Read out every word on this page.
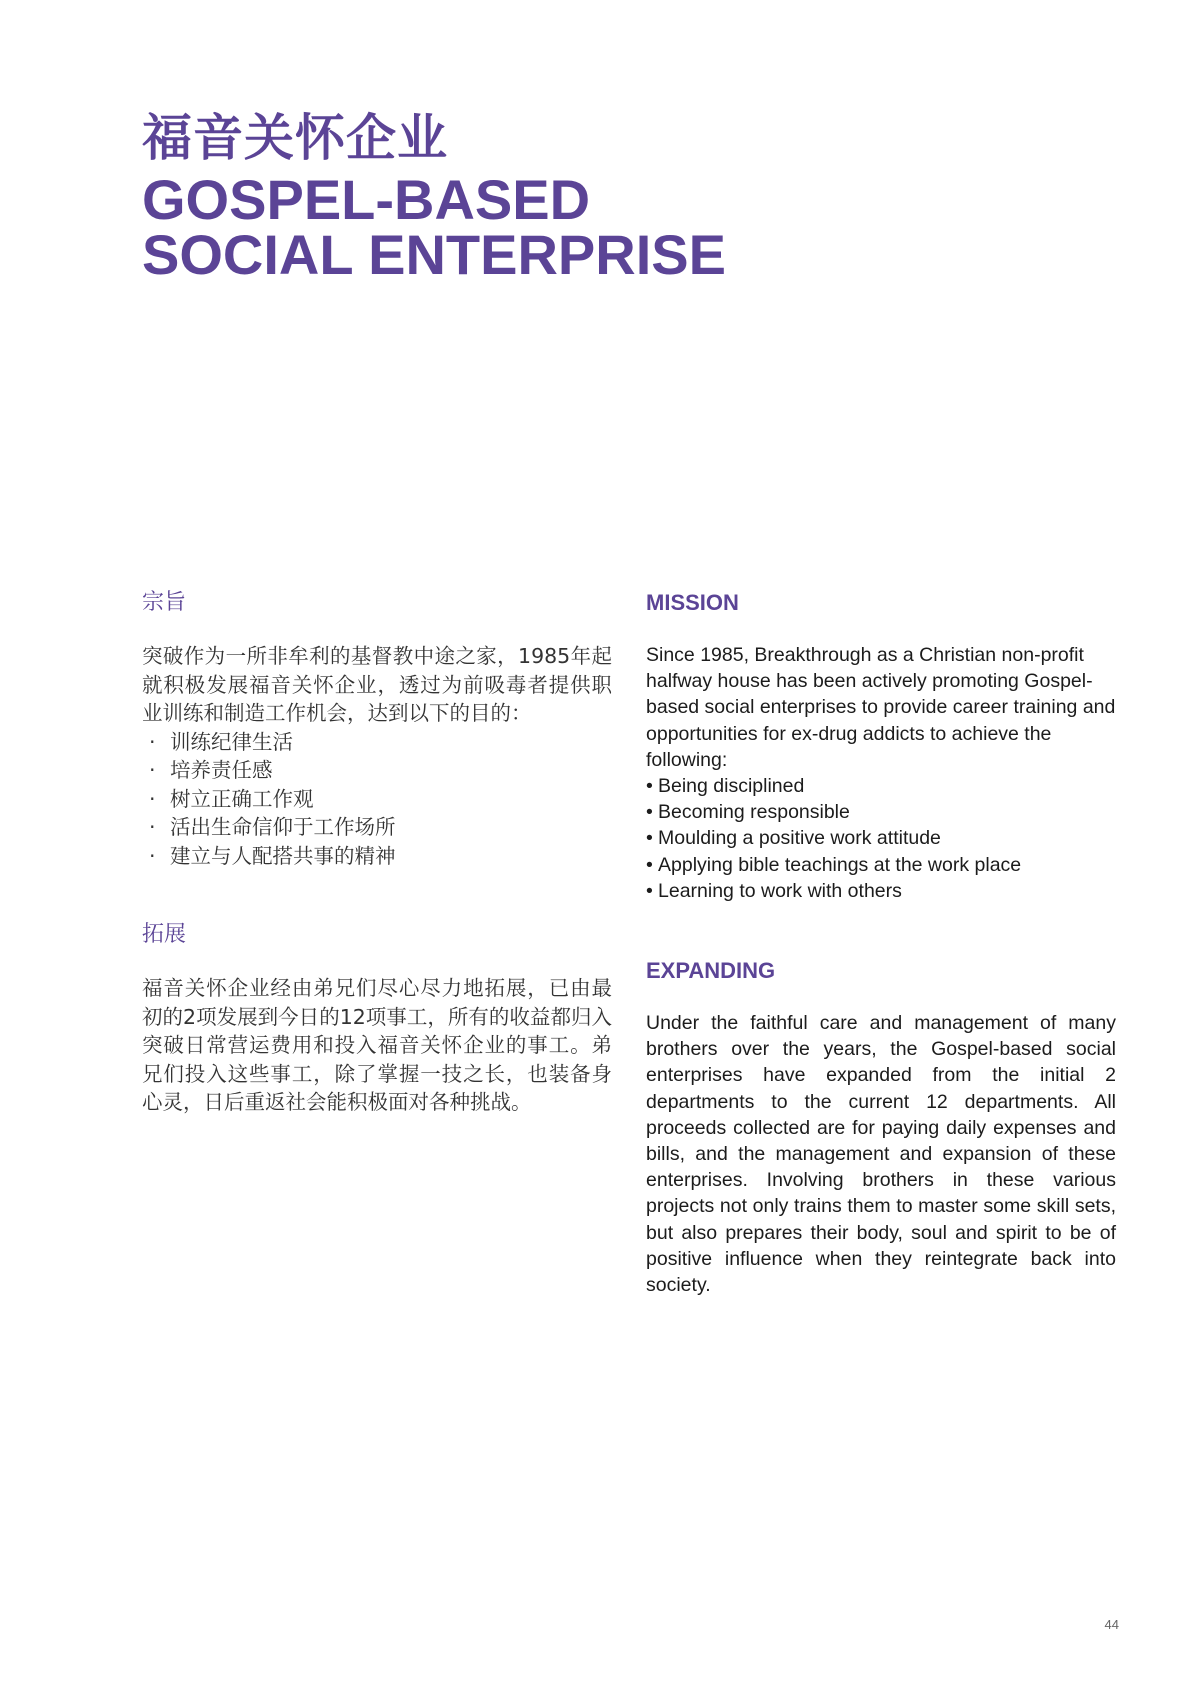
福音关怀企业
GOSPEL-BASED
SOCIAL ENTERPRISE
宗旨
突破作为一所非牟利的基督教中途之家，1985年起就积极发展福音关怀企业，透过为前吸毒者提供职业训练和制造工作机会，达到以下的目的：
· 训练纪律生活
· 培养责任感
· 树立正确工作观
· 活出生命信仰于工作场所
· 建立与人配搭共事的精神
拓展
福音关怀企业经由弟兄们尽心尽力地拓展，已由最初的2项发展到今日的12项事工，所有的收益都归入突破日常营运费用和投入福音关怀企业的事工。弟兄们投入这些事工，除了掌握一技之长，也装备身心灵，日后重返社会能积极面对各种挑战。
MISSION
Since 1985, Breakthrough as a Christian non-profit halfway house has been actively promoting Gospel-based social enterprises to provide career training and opportunities for ex-drug addicts to achieve the following:
• Being disciplined
• Becoming responsible
• Moulding a positive work attitude
• Applying bible teachings at the work place
• Learning to work with others
EXPANDING
Under the faithful care and management of many brothers over the years, the Gospel-based social enterprises have expanded from the initial 2 departments to the current 12 departments. All proceeds collected are for paying daily expenses and bills, and the management and expansion of these enterprises. Involving brothers in these various projects not only trains them to master some skill sets, but also prepares their body, soul and spirit to be of positive influence when they reintegrate back into society.
44
